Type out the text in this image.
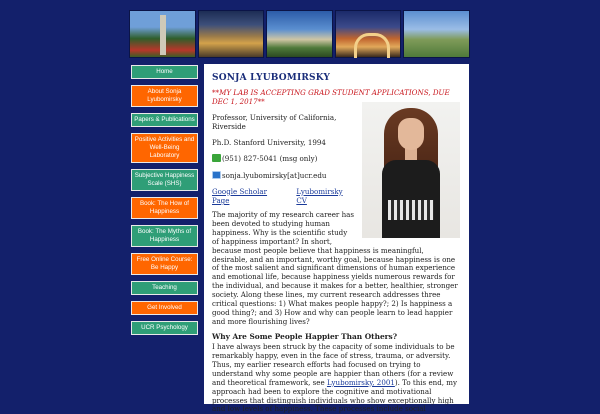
Home
About Sonja Lyubomirsky
Papers & Publications
Positive Activities and Well-Being Laboratory
Subjective Happiness Scale (SHS)
Book: The How of Happiness
Book: The Myths of Happiness
Free Online Course: Be Happy
Teaching
Get Involved
UCR Psychology
SONJA LYUBOMIRSKY

**MY LAB IS ACCEPTING GRAD STUDENT APPLICATIONS, DUE DEC 1, 2017**

Professor, University of California, Riverside

Ph.D. Stanford University, 1994

(951) 827-5041 (msg only)

sonja.lyubomirsky[at]ucr.edu

Google Scholar Page
Lyubomirsky CV

The majority of my research career has been devoted to studying human happiness. Why is the scientific study of happiness important? In short,

because most people believe that happiness is meaningful, desirable, and an important, worthy goal, because happiness is one of the most salient and significant dimensions of human experience and emotional life, because happiness yields numerous rewards for the individual, and because it makes for a better, healthier, stronger society. Along these lines, my current research addresses three critical questions: 1) What makes people happy?; 2) Is happiness a good thing?; and 3) How and why can people learn to lead happier and more flourishing lives?

Why Are Some People Happier Than Others?

I have always been struck by the capacity of some individuals to be remarkably happy, even in the face of stress, trauma, or adversity. Thus, my earlier research efforts had focused on trying to understand why some people are happier than others (for a review and theoretical framework, see Lyubomirsky, 2001). To this end, my approach had been to explore the cognitive and motivational processes that distinguish individuals who show exceptionally high and low levels of happiness. These processes include social
